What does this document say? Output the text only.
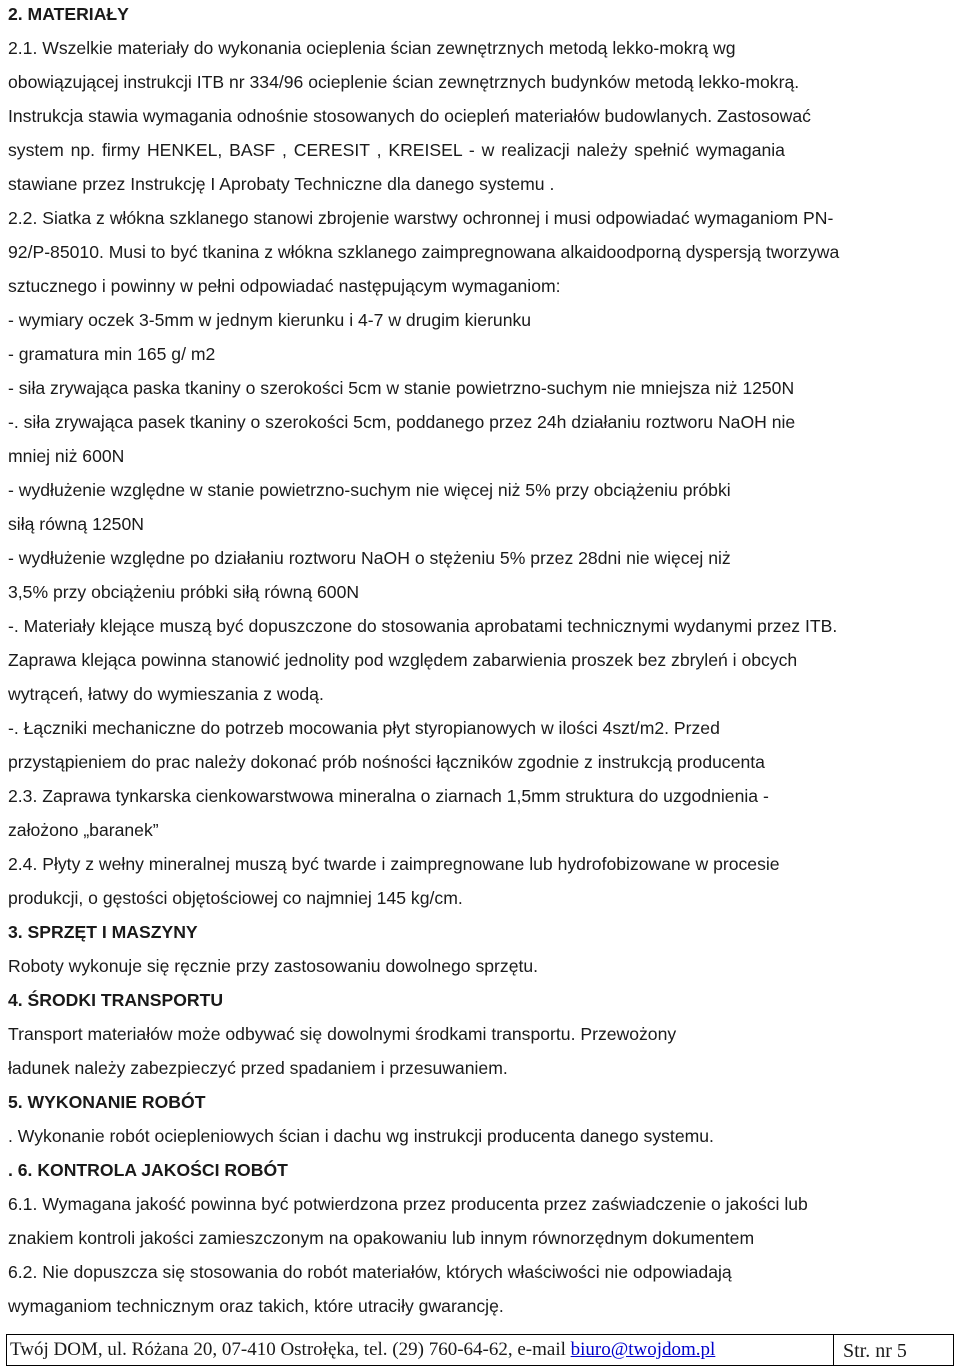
2. MATERIAŁY
2.1. Wszelkie materiały do wykonania ocieplenia ścian zewnętrznych metodą lekko-mokrą wg
obowiązującej instrukcji ITB nr 334/96 ocieplenie ścian zewnętrznych budynków metodą lekko-mokrą.
Instrukcja stawia wymagania odnośnie stosowanych do ociepleń materiałów budowlanych. Zastosować
system np. firmy HENKEL, BASF , CERESIT , KREISEL - w realizacji należy spełnić wymagania
stawiane przez Instrukcję I Aprobaty Techniczne dla danego systemu .
2.2. Siatka z włókna szklanego stanowi zbrojenie warstwy ochronnej i musi odpowiadać wymaganiom PN-
92/P-85010. Musi to być tkanina z włókna szklanego zaimpregnowana alkaidoodporną dyspersją tworzywa
sztucznego i powinny w pełni odpowiadać następującym wymaganiom:
- wymiary oczek 3-5mm w jednym kierunku i 4-7 w drugim kierunku
- gramatura min 165 g/ m2
- siła zrywająca paska tkaniny o szerokości 5cm w stanie powietrzno-suchym nie mniejsza niż 1250N
-. siła zrywająca pasek tkaniny o szerokości 5cm, poddanego przez 24h działaniu roztworu NaOH nie
mniej niż 600N
- wydłużenie względne w stanie powietrzno-suchym nie więcej niż 5% przy obciążeniu próbki
siłą równą 1250N
- wydłużenie względne po działaniu roztworu NaOH o stężeniu 5% przez 28dni nie więcej niż
3,5% przy obciążeniu próbki siłą równą 600N
-. Materiały klejące muszą być dopuszczone do stosowania aprobatami technicznymi wydanymi przez ITB.
Zaprawa klejąca powinna stanowić jednolity pod względem zabarwienia proszek bez zbryleń i obcych
wytrąceń, łatwy do wymieszania z wodą.
-. Łączniki mechaniczne do potrzeb mocowania płyt styropianowych w ilości 4szt/m2. Przed
przystąpieniem do prac należy dokonać prób nośności łączników zgodnie z instrukcją producenta
2.3. Zaprawa tynkarska cienkowarstwowa mineralna o ziarnach 1,5mm struktura do uzgodnienia -
założono „baranek”
2.4. Płyty z wełny mineralnej muszą być twarde i zaimpregnowane lub hydrofobizowane w procesie
produkcji, o gęstości objętościowej co najmniej 145 kg/cm.
3. SPRZĘT I MASZYNY
Roboty wykonuje się ręcznie przy zastosowaniu dowolnego sprzętu.
4. ŚRODKI TRANSPORTU
Transport materiałów może odbywać się dowolnymi środkami transportu. Przewożony
ładunek należy zabezpieczyć przed spadaniem i przesuwaniem.
5. WYKONANIE ROBÓT
. Wykonanie robót ociepleniowych ścian i dachu wg instrukcji producenta danego systemu.
. 6. KONTROLA JAKOŚCI ROBÓT
6.1. Wymagana jakość powinna być potwierdzona przez producenta przez zaświadczenie o jakości lub
znakiem kontroli jakości zamieszczonym na opakowaniu lub innym równorzędnym dokumentem
6.2. Nie dopuszcza się stosowania do robót materiałów, których właściwości nie odpowiadają
wymaganiom technicznym oraz takich, które utraciły gwarancję.
Twój DOM, ul. Różana 20, 07-410 Ostrołęka, tel. (29) 760-64-62, e-mail biuro@twojdom.pl	Str. nr 5
